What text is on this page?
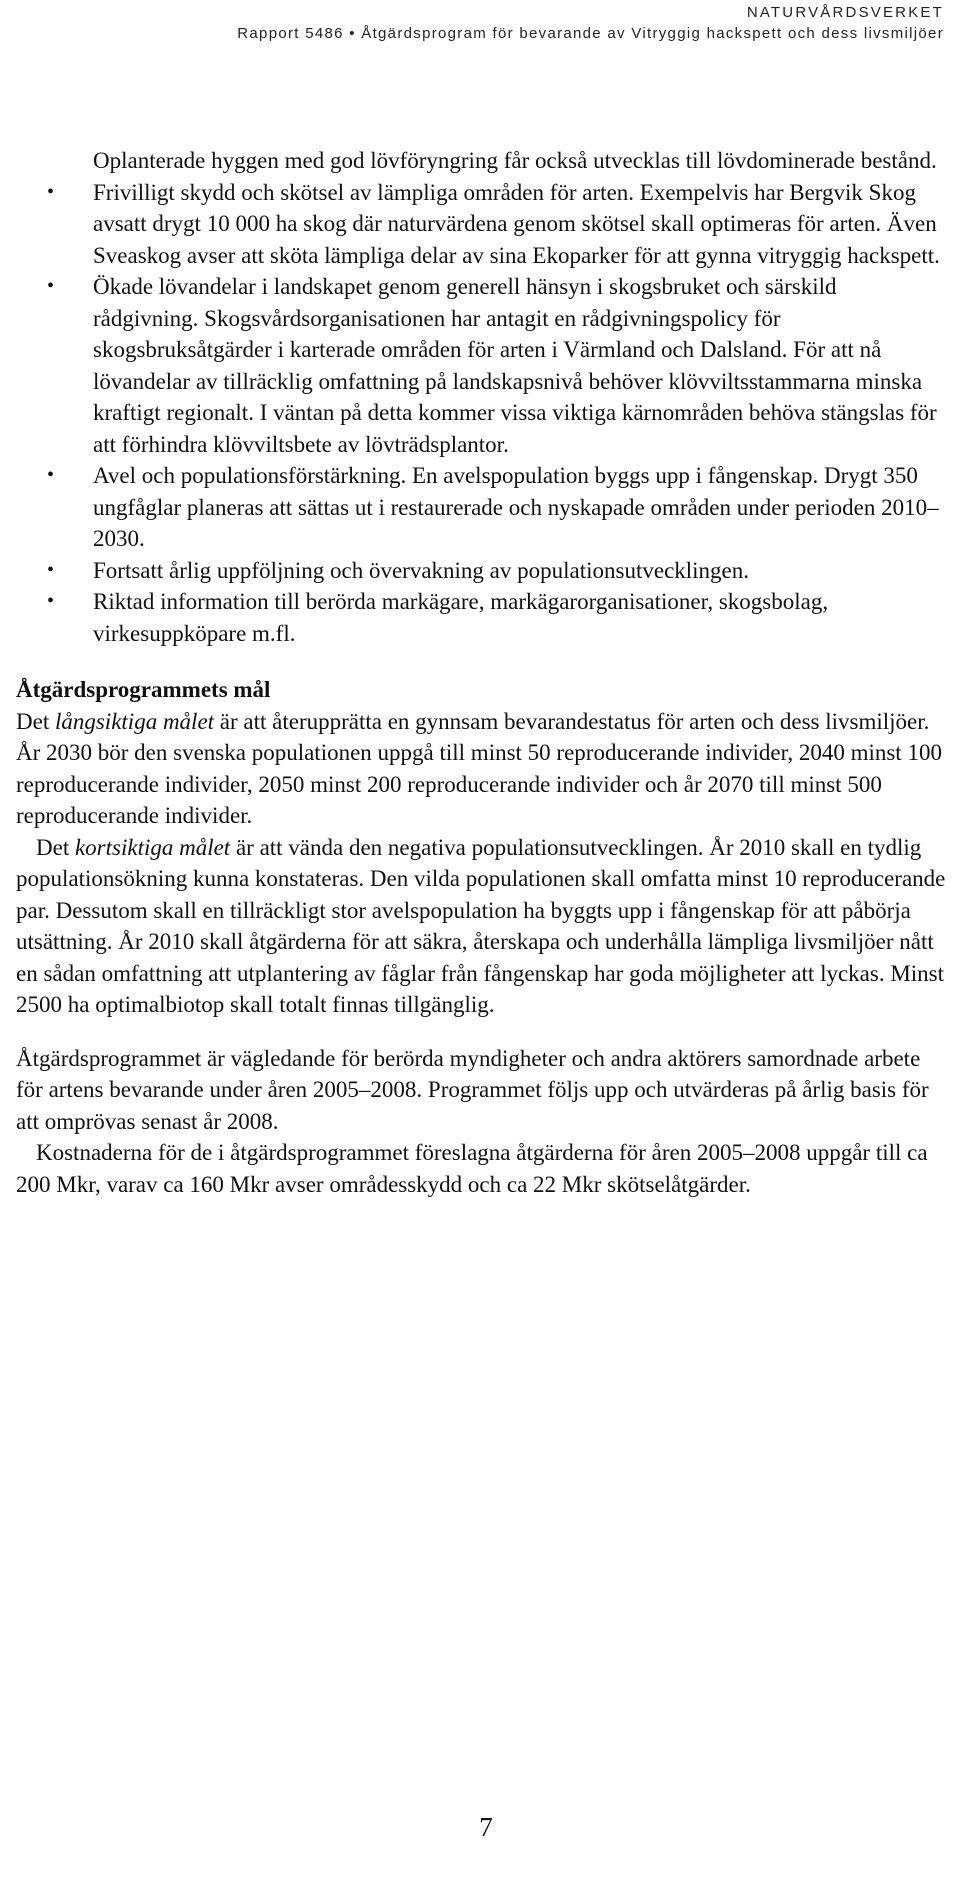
NATURVÅRDSVERKET
Rapport 5486 • Åtgärdsprogram för bevarande av Vitryggig hackspett och dess livsmiljöer

Oplanterade hyggen med god lövföryngring får också utvecklas till lövdominerade bestånd.

• Frivilligt skydd och skötsel av lämpliga områden för arten. Exempelvis har Bergvik Skog avsatt drygt 10 000 ha skog där naturvärdena genom skötsel skall optimeras för arten. Även Sveaskog avser att sköta lämpliga delar av sina Ekoparker för att gynna vitryggig hackspett.
• Ökade lövandelar i landskapet genom generell hänsyn i skogsbruket och särskild rådgivning. Skogsvårdsorganisationen har antagit en rådgivningspolicy för skogsbruksåtgärder i karterade områden för arten i Värmland och Dalsland. För att nå lövandelar av tillräcklig omfattning på landskapsnivå behöver klövviltsstammarna minska kraftigt regionalt. I väntan på detta kommer vissa viktiga kärnområden behöva stängslas för att förhindra klövviltsbete av lövträdsplantor.
• Avel och populationsförstärkning. En avelspopulation byggs upp i fångenskap. Drygt 350 ungfåglar planeras att sättas ut i restaurerade och nyskapade områden under perioden 2010–2030.
• Fortsatt årlig uppföljning och övervakning av populationsutvecklingen.
• Riktad information till berörda markägare, markägarorganisationer, skogsbolag, virkesuppköpare m.fl.
Åtgärdsprogrammets mål

Det långsiktiga målet är att återupprätta en gynnsam bevarandestatus för arten och dess livsmiljöer. År 2030 bör den svenska populationen uppgå till minst 50 reproducerande individer, 2040 minst 100 reproducerande individer, 2050 minst 200 reproducerande individer och år 2070 till minst 500 reproducerande individer.

Det kortsiktiga målet är att vända den negativa populationsutvecklingen. År 2010 skall en tydlig populationsökning kunna konstateras. Den vilda populationen skall omfatta minst 10 reproducerande par. Dessutom skall en tillräckligt stor avelspopulation ha byggts upp i fångenskap för att påbörja utsättning. År 2010 skall åtgärderna för att säkra, återskapa och underhålla lämpliga livsmiljöer nått en sådan omfattning att utplantering av fåglar från fångenskap har goda möjligheter att lyckas. Minst 2500 ha optimalbiotop skall totalt finnas tillgänglig.

Åtgärdsprogrammet är vägledande för berörda myndigheter och andra aktörers samordnade arbete för artens bevarande under åren 2005–2008. Programmet följs upp och utvärderas på årlig basis för att omprövas senast år 2008.

Kostnaderna för de i åtgärdsprogrammet föreslagna åtgärderna för åren 2005–2008 uppgår till ca 200 Mkr, varav ca 160 Mkr avser områdesskydd och ca 22 Mkr skötselåtgärder.

7
